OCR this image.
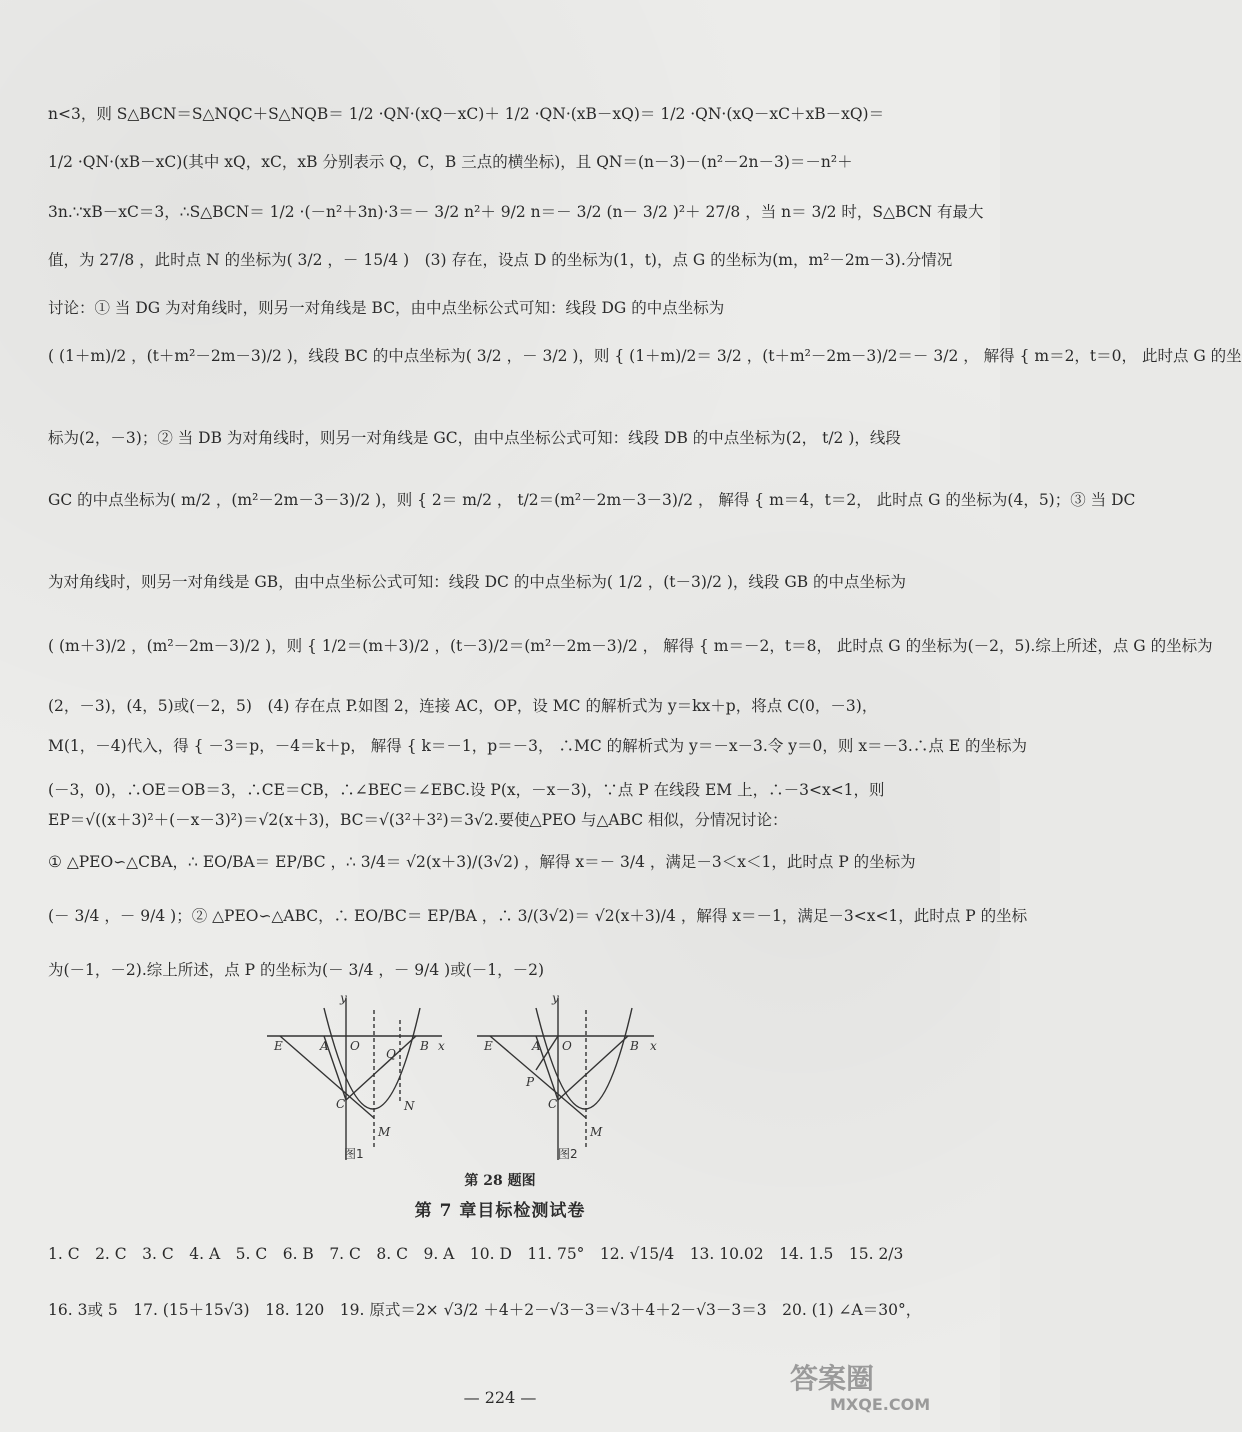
n<3，则 S△BCN＝S△NQC＋S△NQB＝ 1/2 ·QN·(xQ－xC)＋ 1/2 ·QN·(xB－xQ)＝ 1/2 ·QN·(xQ－xC＋xB－xQ)＝
1/2 ·QN·(xB－xC)(其中 xQ，xC，xB 分别表示 Q，C，B 三点的横坐标)，且 QN＝(n－3)－(n²－2n－3)＝－n²＋
3n.∵xB－xC＝3，∴S△BCN＝ 1/2 ·(－n²＋3n)·3＝－ 3/2 n²＋ 9/2 n＝－ 3/2 (n－ 3/2 )²＋ 27/8 ，当 n＝ 3/2 时，S△BCN 有最大
值，为 27/8 ，此时点 N 的坐标为( 3/2 ，－ 15/4 )　(3) 存在，设点 D 的坐标为(1，t)，点 G 的坐标为(m，m²－2m－3).分情况
讨论：① 当 DG 为对角线时，则另一对角线是 BC，由中点坐标公式可知：线段 DG 的中点坐标为
( (1＋m)/2 ，(t＋m²－2m－3)/2 )，线段 BC 的中点坐标为( 3/2 ，－ 3/2 )，则 { (1＋m)/2＝ 3/2 ，(t＋m²－2m－3)/2＝－ 3/2 ， 解得 { m＝2，t＝0， 此时点 G 的坐
标为(2，－3)；② 当 DB 为对角线时，则另一对角线是 GC，由中点坐标公式可知：线段 DB 的中点坐标为(2， t/2 )，线段
GC 的中点坐标为( m/2 ，(m²－2m－3－3)/2 )，则 { 2＝ m/2 ， t/2＝(m²－2m－3－3)/2 ， 解得 { m＝4，t＝2， 此时点 G 的坐标为(4，5)；③ 当 DC
为对角线时，则另一对角线是 GB，由中点坐标公式可知：线段 DC 的中点坐标为( 1/2 ，(t－3)/2 )，线段 GB 的中点坐标为
( (m＋3)/2 ，(m²－2m－3)/2 )，则 { 1/2＝(m＋3)/2 ，(t－3)/2＝(m²－2m－3)/2 ， 解得 { m＝－2，t＝8， 此时点 G 的坐标为(－2，5).综上所述，点 G 的坐标为
(2，－3)，(4，5)或(－2，5)　(4) 存在点 P.如图 2，连接 AC，OP，设 MC 的解析式为 y＝kx＋p，将点 C(0，－3)，
M(1，－4)代入，得 { －3＝p，－4＝k＋p， 解得 { k＝－1，p＝－3， ∴MC 的解析式为 y＝－x－3.令 y＝0，则 x＝－3.∴点 E 的坐标为
(－3，0)，∴OE＝OB＝3，∴CE＝CB，∴∠BEC＝∠EBC.设 P(x，－x－3)，∵点 P 在线段 EM 上，∴－3<x<1，则
EP＝√((x＋3)²＋(－x－3)²)＝√2(x＋3)，BC＝√(3²＋3²)＝3√2.要使△PEO 与△ABC 相似，分情况讨论：
① △PEO∽△CBA，∴ EO/BA＝ EP/BC ，∴ 3/4＝ √2(x＋3)/(3√2) ，解得 x＝－ 3/4 ，满足－3＜x＜1，此时点 P 的坐标为
(－ 3/4 ，－ 9/4 )；② △PEO∽△ABC，∴ EO/BC＝ EP/BA ，∴ 3/(3√2)＝ √2(x＋3)/4 ，解得 x＝－1，满足－3<x<1，此时点 P 的坐标
为(－1，－2).综上所述，点 P 的坐标为(－ 3/4 ，－ 9/4 )或(－1，－2)
y
x
E	A O
Q
B
C	N
M
图1
y
x
E	A O	B
P
C
M
图2
第 28 题图
第 7 章目标检测试卷
1. C　2. C　3. C　4. A　5. C　6. B　7. C　8. C　9. A　10. D　11. 75°　12. √15/4　13. 10.02　14. 1.5　15. 2/3
16. 3或 5　17. (15＋15√3)　18. 120　19. 原式＝2× √3/2 ＋4＋2－√3－3＝√3＋4＋2－√3－3＝3　20. (1) ∠A＝30°，
— 224 —
答案圈
MXQE.COM
